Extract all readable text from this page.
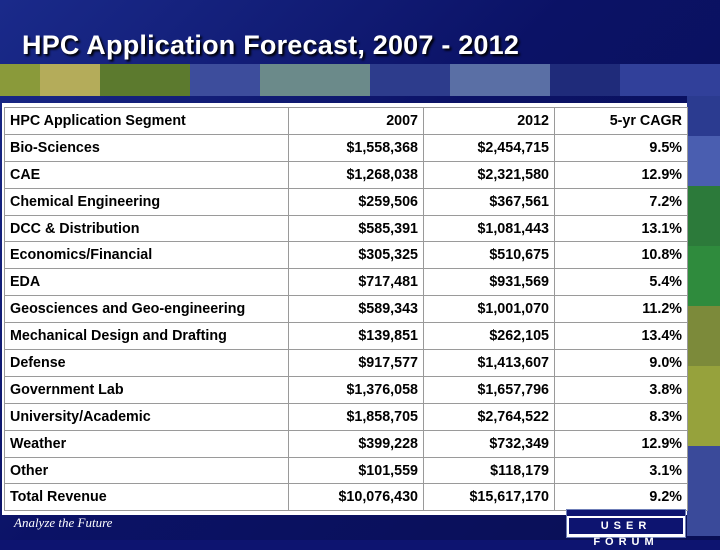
HPC Application Forecast, 2007 - 2012
HPC Application Segment	2007	2012	5-yr CAGR
Bio-Sciences	$1,558,368	$2,454,715	9.5%
CAE	$1,268,038	$2,321,580	12.9%
Chemical Engineering	$259,506	$367,561	7.2%
DCC & Distribution	$585,391	$1,081,443	13.1%
Economics/Financial	$305,325	$510,675	10.8%
EDA	$717,481	$931,569	5.4%
Geosciences and Geo-engineering	$589,343	$1,001,070	11.2%
Mechanical Design and Drafting	$139,851	$262,105	13.4%
Defense	$917,577	$1,413,607	9.0%
Government Lab	$1,376,058	$1,657,796	3.8%
University/Academic	$1,858,705	$2,764,522	8.3%
Weather	$399,228	$732,349	12.9%
Other	$101,559	$118,179	3.1%
Total Revenue	$10,076,430	$15,617,170	9.2%
Analyze the Future	USER FORUM
